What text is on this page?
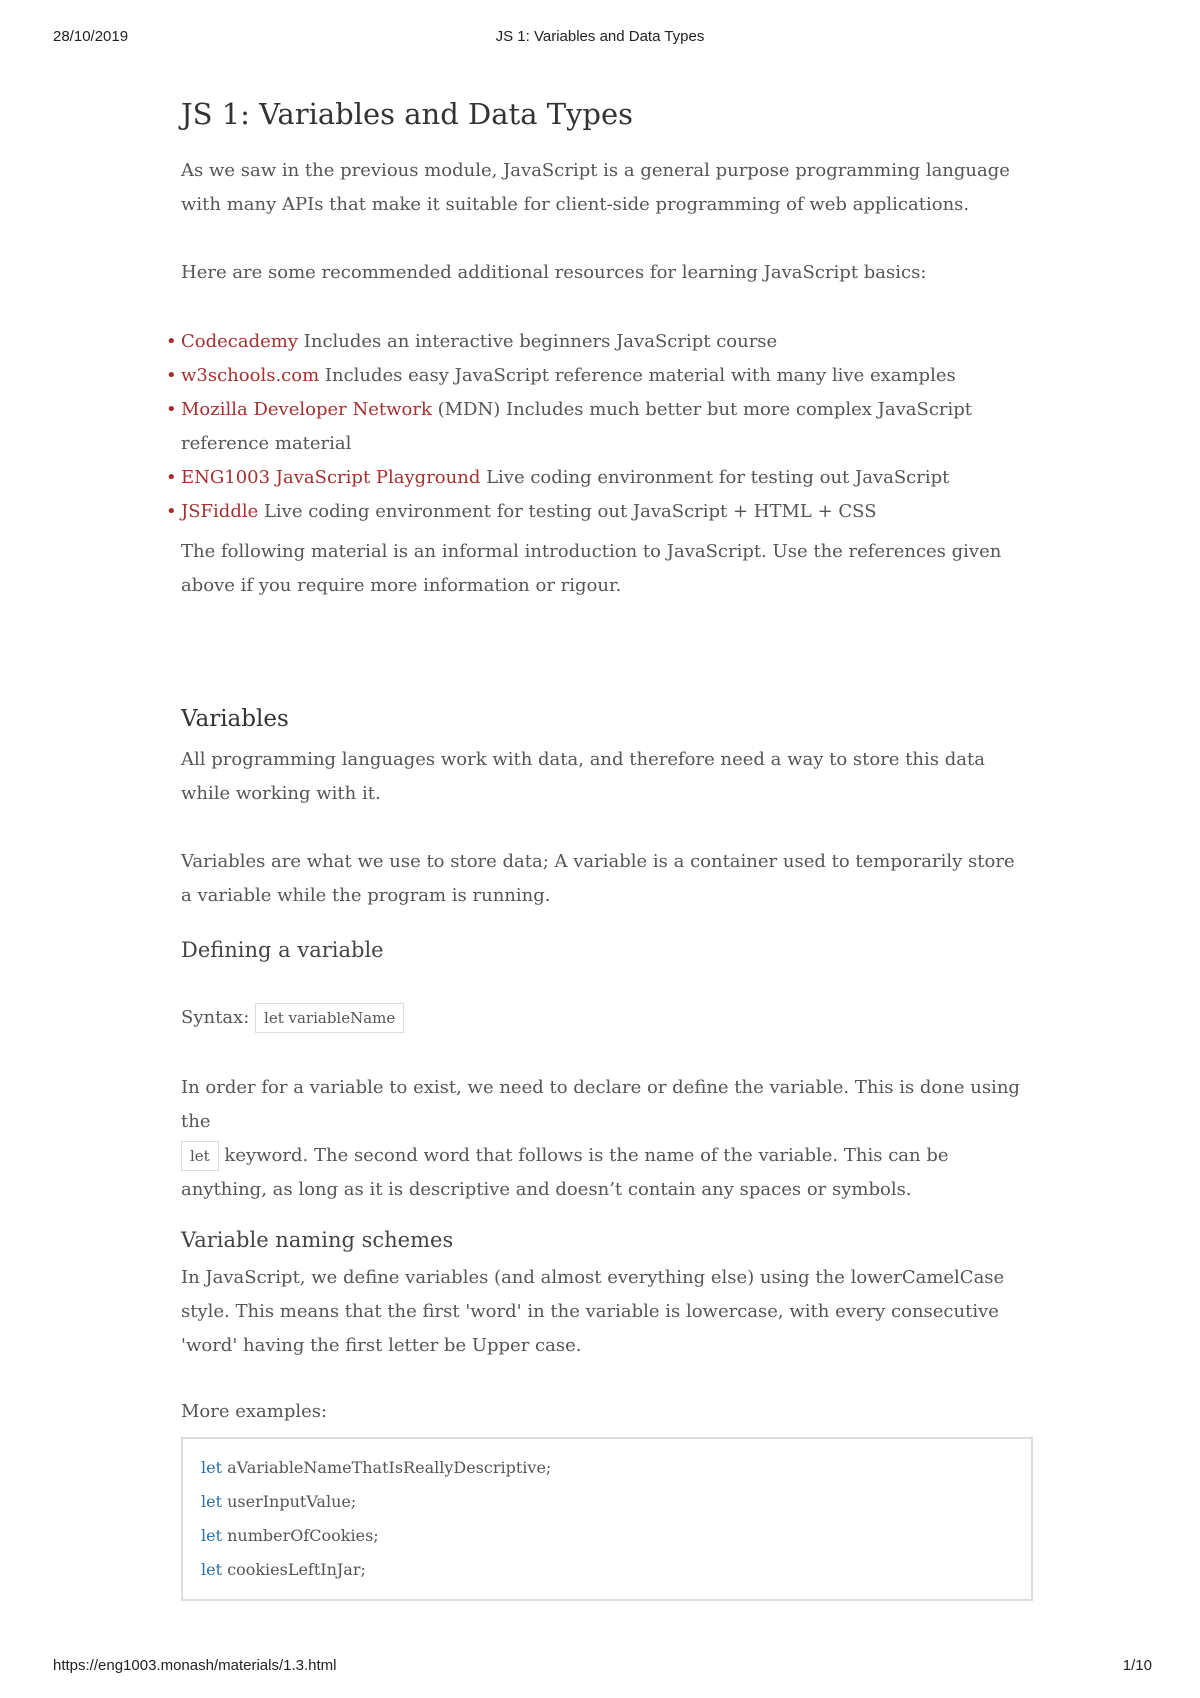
28/10/2019	JS 1: Variables and Data Types
JS 1: Variables and Data Types

As we saw in the previous module, JavaScript is a general purpose programming language with many APIs that make it suitable for client-side programming of web applications.

Here are some recommended additional resources for learning JavaScript basics:

• Codecademy Includes an interactive beginners JavaScript course
• w3schools.com Includes easy JavaScript reference material with many live examples
• Mozilla Developer Network (MDN) Includes much better but more complex JavaScript reference material
• ENG1003 JavaScript Playground Live coding environment for testing out JavaScript
• JSFiddle Live coding environment for testing out JavaScript + HTML + CSS

The following material is an informal introduction to JavaScript. Use the references given above if you require more information or rigour.

Variables

All programming languages work with data, and therefore need a way to store this data while working with it.

Variables are what we use to store data; A variable is a container used to temporarily store a variable while the program is running.

Defining a variable
Syntax: let variableName

In order for a variable to exist, we need to declare or define the variable. This is done using the
let keyword. The second word that follows is the name of the variable. This can be anything, as long as it is descriptive and doesn’t contain any spaces or symbols.

Variable naming schemes

In JavaScript, we define variables (and almost everything else) using the lowerCamelCase style. This means that the first 'word' in the variable is lowercase, with every consecutive 'word' having the first letter be Upper case.

More examples:

let aVariableNameThatIsReallyDescriptive;
let userInputValue;
let numberOfCookies;
let cookiesLeftInJar;
https://eng1003.monash/materials/1.3.html	1/10
